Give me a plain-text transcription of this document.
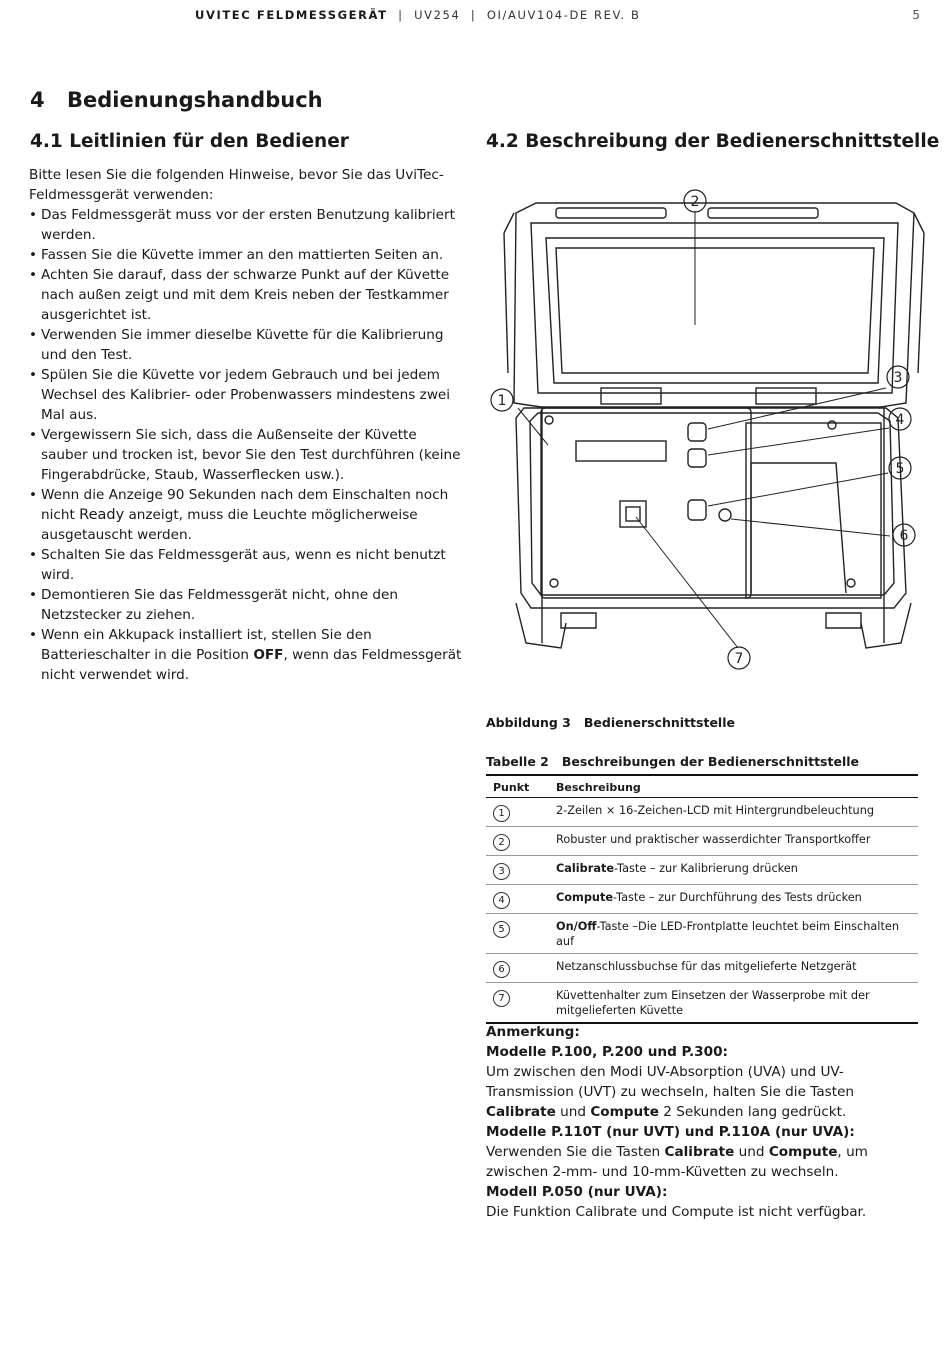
UVITEC FELDMESSGERÄT | UV254 | OI/AUV104-DE REV. B	5
4 Bedienungshandbuch
4.1 Leitlinien für den Bediener	4.2 Beschreibung der Bedienerschnittstelle

Bitte lesen Sie die folgenden Hinweise, bevor Sie das UviTec-Feldmessgerät verwenden:

• Das Feldmessgerät muss vor der ersten Benutzung kalibriert werden.
• Fassen Sie die Küvette immer an den mattierten Seiten an.
• Achten Sie darauf, dass der schwarze Punkt auf der Küvette nach außen zeigt und mit dem Kreis neben der Testkammer ausgerichtet ist.
• Verwenden Sie immer dieselbe Küvette für die Kalibrierung und den Test.
• Spülen Sie die Küvette vor jedem Gebrauch und bei jedem Wechsel des Kalibrier- oder Probenwassers mindestens zwei Mal aus.
• Vergewissern Sie sich, dass die Außenseite der Küvette sauber und trocken ist, bevor Sie den Test durchführen (keine Fingerabdrücke, Staub, Wasserflecken usw.).
• Wenn die Anzeige 90 Sekunden nach dem Einschalten noch nicht Ready anzeigt, muss die Leuchte möglicherweise ausgetauscht werden.
• Schalten Sie das Feldmessgerät aus, wenn es nicht benutzt wird.
• Demontieren Sie das Feldmessgerät nicht, ohne den Netzstecker zu ziehen.
• Wenn ein Akkupack installiert ist, stellen Sie den Batterieschalter in die Position OFF, wenn das Feldmessgerät nicht verwendet wird.
2
1
3
4
5
6
7
Abbildung 3 Bedienerschnittstelle
Tabelle 2 Beschreibungen der Bedienerschnittstelle
Punkt	Beschreibung
1	2-Zeilen × 16-Zeichen-LCD mit Hintergrundbeleuchtung
2	Robuster und praktischer wasserdichter Transportkoffer
3	Calibrate-Taste – zur Kalibrierung drücken
4	Compute-Taste – zur Durchführung des Tests drücken
5	On/Off-Taste –Die LED-Frontplatte leuchtet beim Einschalten auf
6	Netzanschlussbuchse für das mitgelieferte Netzgerät
7	Küvettenhalter zum Einsetzen der Wasserprobe mit der mitgelieferten Küvette

Anmerkung:

Modelle P.100, P.200 und P.300:

Um zwischen den Modi UV-Absorption (UVA) und UV-Transmission (UVT) zu wechseln, halten Sie die Tasten Calibrate und Compute 2 Sekunden lang gedrückt.

Modelle P.110T (nur UVT) und P.110A (nur UVA):

Verwenden Sie die Tasten Calibrate und Compute, um zwischen 2-mm- und 10-mm-Küvetten zu wechseln.

Modell P.050 (nur UVA):

Die Funktion Calibrate und Compute ist nicht verfügbar.
